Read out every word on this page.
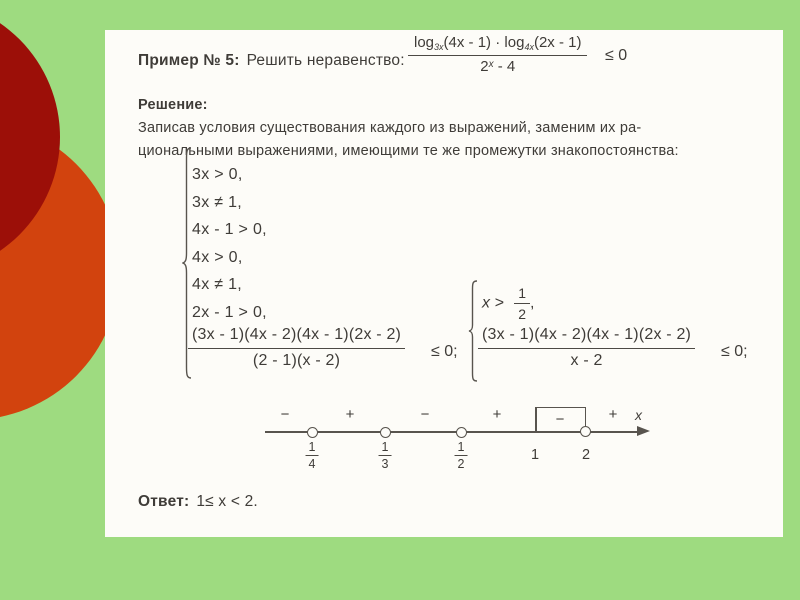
Пример № 5: Решить неравенство: $\frac{\log_{3x}(4x - 1) \cdot \log_{4x}(2x - 1)}{2^x - 4} \le 0$
Решение:
Записав условия существования каждого из выражений, заменим их ра-
циональными выражениями, имеющими те же промежутки знакопостоянства:
3x > 0,
3x ≠ 1,
4x - 1 > 0,
4x > 0,
4x ≠ 1,
2x - 1 > 0,
$\frac{(3x - 1)(4x - 2)(4x - 1)(2x - 2)}{(2 - 1)(x - 2)} \le 0$;
$x > \frac{1}{2}$ ,
$\frac{(3x - 1)(4x - 2)(4x - 1)(2x - 2)}{x - 2} \le 0$;
x
−	+	−	+	−	+
$\frac{1}{4}$	$\frac{1}{3}$	$\frac{1}{2}$	1	2
Ответ: 1≤ x < 2.
